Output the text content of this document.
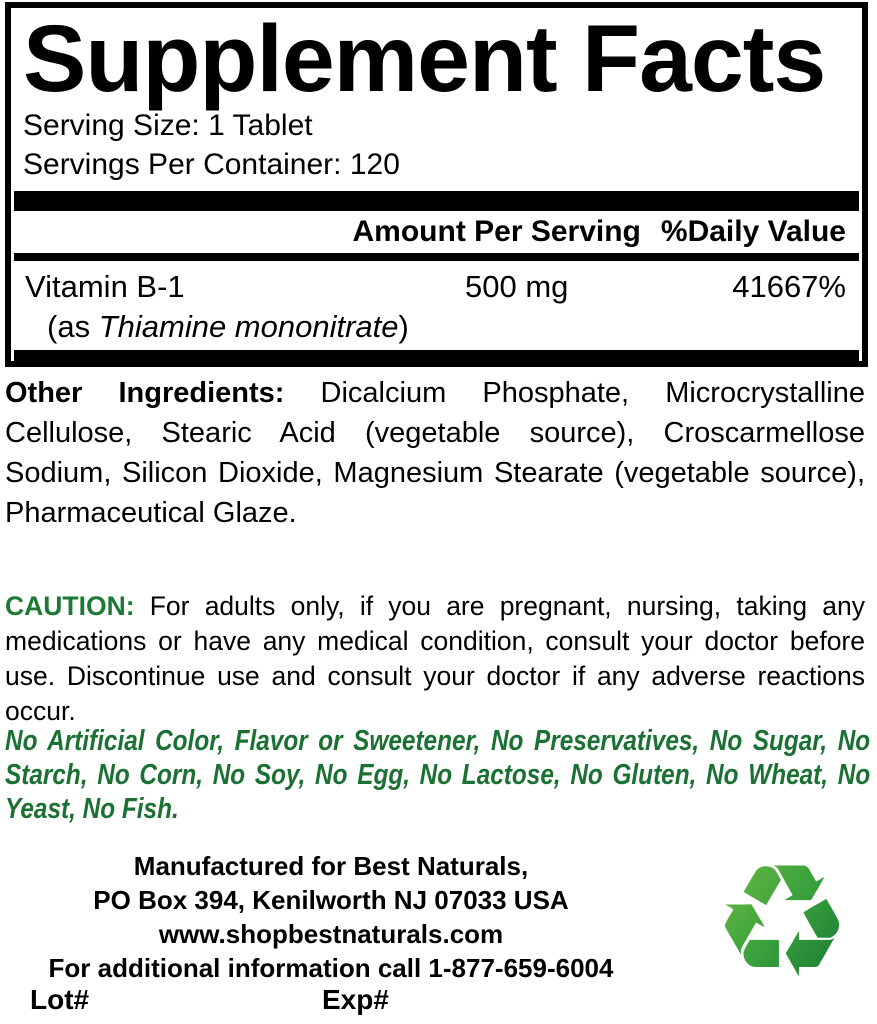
Supplement Facts
Serving Size: 1 Tablet
Servings Per Container: 120
Amount Per Serving %Daily Value
Vitamin B-1	500 mg	41667%
(as Thiamine mononitrate)

Other Ingredients: Dicalcium Phosphate, Microcrystalline Cellulose, Stearic Acid (vegetable source), Croscarmellose Sodium, Silicon Dioxide, Magnesium Stearate (vegetable source), Pharmaceutical Glaze.

CAUTION: For adults only, if you are pregnant, nursing, taking any medications or have any medical condition, consult your doctor before use. Discontinue use and consult your doctor if any adverse reactions occur.

No Artificial Color, Flavor or Sweetener, No Preservatives, No Sugar, No Starch, No Corn, No Soy, No Egg, No Lactose, No Gluten, No Wheat, No Yeast, No Fish.

Manufactured for Best Naturals,
PO Box 394, Kenilworth NJ 07033 USA
www.shopbestnaturals.com
For additional information call 1-877-659-6004
Lot#	Exp#	♻
